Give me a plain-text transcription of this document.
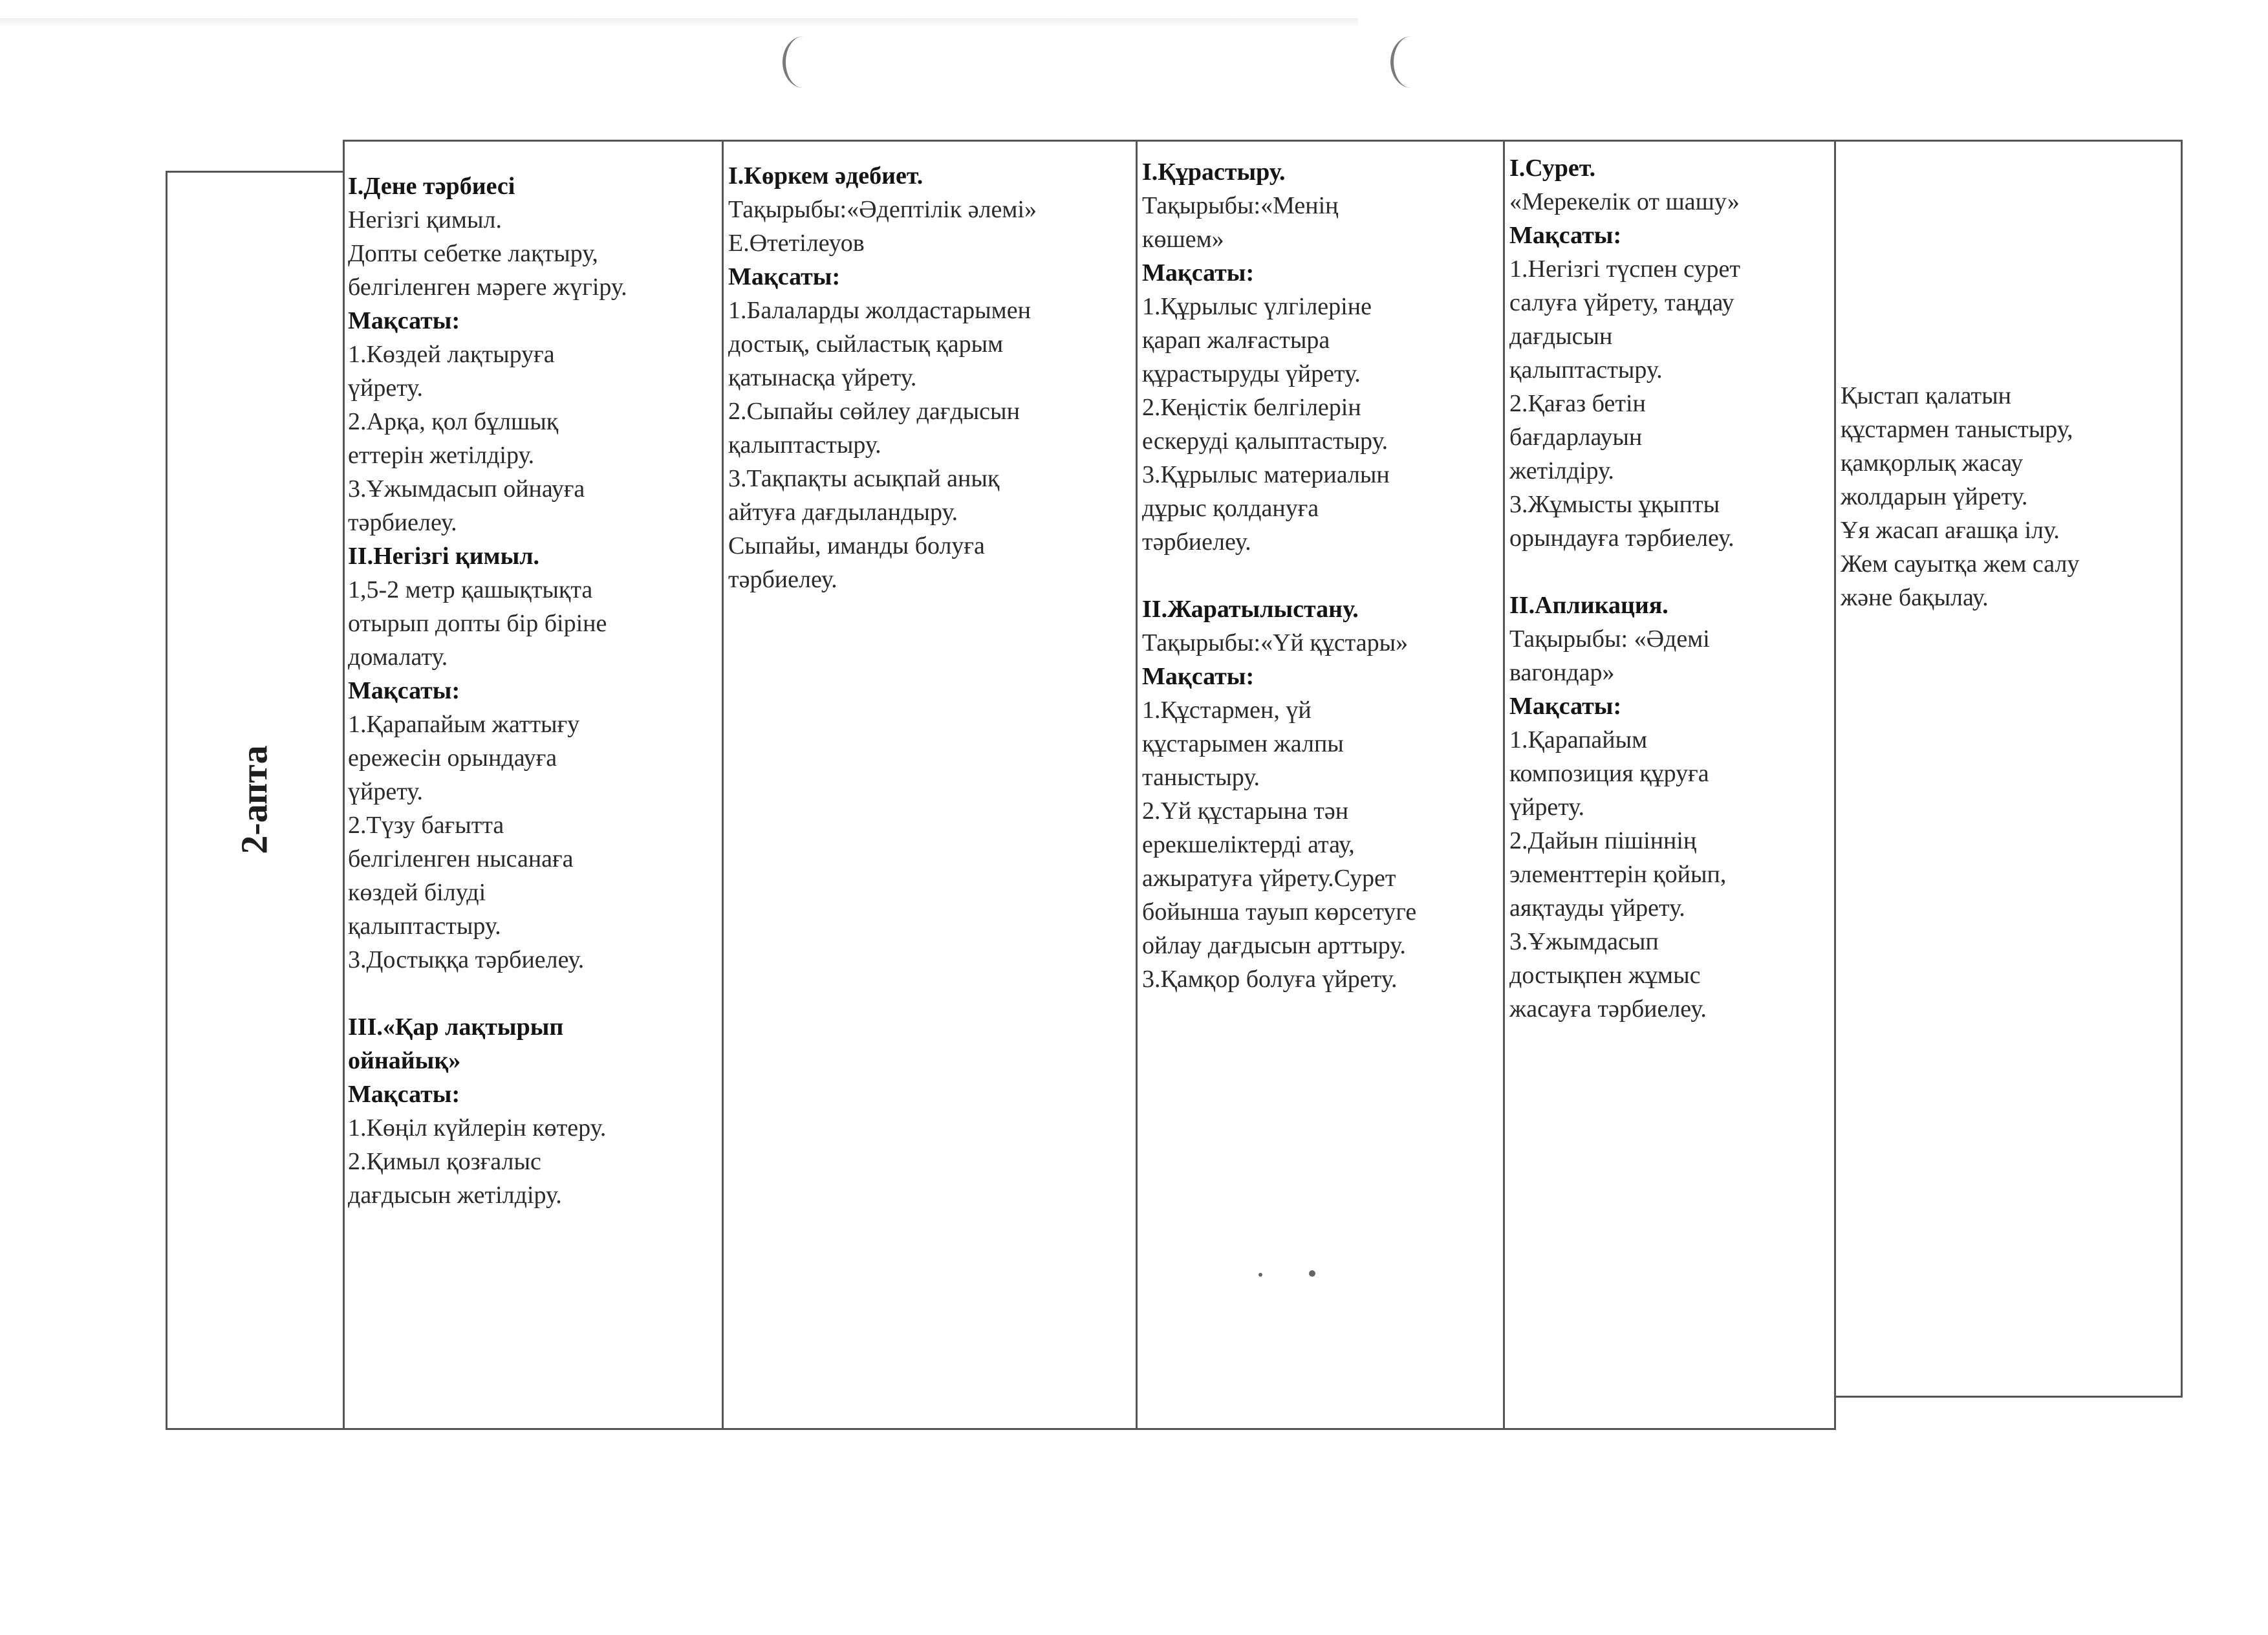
2-апта

І.Дене тәрбиесі

Негізгі қимыл.

Допты себетке лақтыру,

белгіленген мәреге жүгіру.

Мақсаты:

1.Көздей лақтыруға

үйрету.

2.Арқа, қол бұлшық

еттерін жетілдіру.

3.Ұжымдасып ойнауға

тәрбиелеу.

ІІ.Негізгі қимыл.

1,5-2 метр қашықтықта

отырып допты бір біріне

домалату.

Мақсаты:

1.Қарапайым жаттығу

ережесін орындауға

үйрету.

2.Түзу бағытта

белгіленген нысанаға

көздей білуді

қалыптастыру.

3.Достыққа тәрбиелеу.

ІІІ.«Қар лақтырып

ойнайық»

Мақсаты:

1.Көңіл күйлерін көтеру.

2.Қимыл қозғалыс

дағдысын жетілдіру.

І.Көркем әдебиет.

Тақырыбы:«Әдептілік әлемі»

Е.Өтетілеуов

Мақсаты:

1.Балаларды жолдастарымен

достық, сыйластық қарым

қатынасқа үйрету.

2.Сыпайы сөйлеу дағдысын

қалыптастыру.

3.Тақпақты асықпай анық

айтуға дағдыландыру.

Сыпайы, иманды болуға

тәрбиелеу.

І.Құрастыру.

Тақырыбы:«Менің

көшем»

Мақсаты:

1.Құрылыс үлгілеріне

қарап жалғастыра

құрастыруды үйрету.

2.Кеңістік белгілерін

ескеруді қалыптастыру.

3.Құрылыс материалын

дұрыс қолдануға

тәрбиелеу.

ІІ.Жаратылыстану.

Тақырыбы:«Үй құстары»

Мақсаты:

1.Құстармен, үй

құстарымен жалпы

таныстыру.

2.Үй құстарына тән

ерекшеліктерді атау,

ажыратуға үйрету.Сурет

бойынша тауып көрсетуге

ойлау дағдысын арттыру.

3.Қамқор болуға үйрету.

І.Сурет.

«Мерекелік от шашу»

Мақсаты:

1.Негізгі түспен сурет

салуға үйрету, таңдау

дағдысын

қалыптастыру.

2.Қағаз бетін

бағдарлауын

жетілдіру.

3.Жұмысты ұқыпты

орындауға тәрбиелеу.

ІІ.Апликация.

Тақырыбы: «Әдемі

вагондар»

Мақсаты:

1.Қарапайым

композиция құруға

үйрету.

2.Дайын пішіннің

элементтерін қойып,

аяқтауды үйрету.

3.Ұжымдасып

достықпен жұмыс

жасауға тәрбиелеу.

Қыстап қалатын

құстармен таныстыру,

қамқорлық жасау

жолдарын үйрету.

Ұя жасап ағашқа ілу.

Жем сауытқа жем салу

және бақылау.
